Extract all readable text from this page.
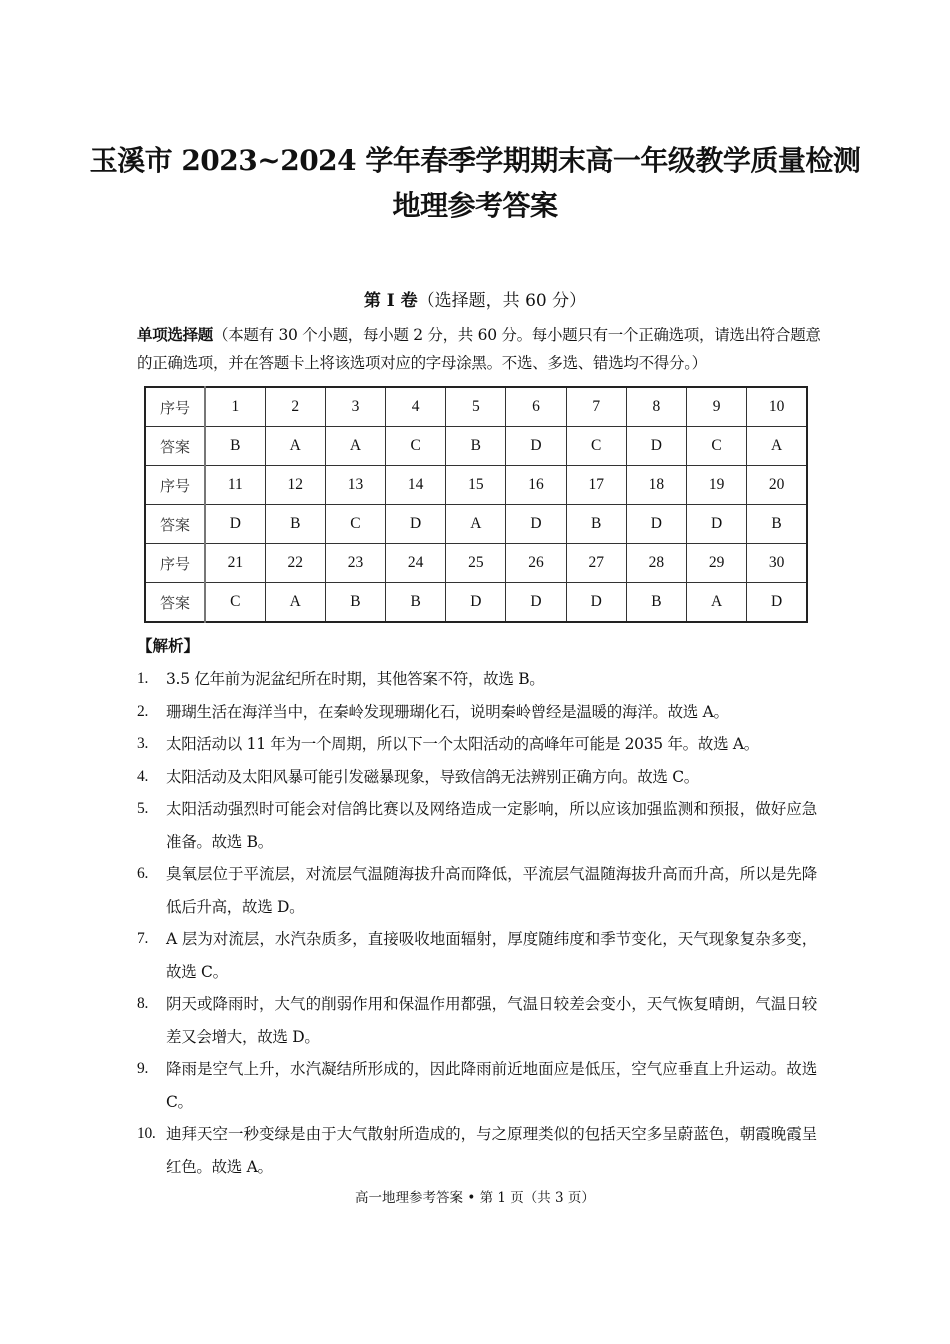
玉溪市 2023~2024 学年春季学期期末高一年级教学质量检测
地理参考答案
第 Ⅰ 卷（选择题，共 60 分）
单项选择题（本题有 30 个小题，每小题 2 分，共 60 分。每小题只有一个正确选项，请选出符合题意的正确选项，并在答题卡上将该选项对应的字母涂黑。不选、多选、错选均不得分。）
序号	1	2	3	4	5	6	7	8	9	10
答案	B	A	A	C	B	D	C	D	C	A
序号	11	12	13	14	15	16	17	18	19	20
答案	D	B	C	D	A	D	B	D	D	B
序号	21	22	23	24	25	26	27	28	29	30
答案	C	A	B	B	D	D	D	B	A	D
【解析】
1. 3.5 亿年前为泥盆纪所在时期，其他答案不符，故选 B。
2. 珊瑚生活在海洋当中，在秦岭发现珊瑚化石，说明秦岭曾经是温暖的海洋。故选 A。
3. 太阳活动以 11 年为一个周期，所以下一个太阳活动的高峰年可能是 2035 年。故选 A。
4. 太阳活动及太阳风暴可能引发磁暴现象，导致信鸽无法辨别正确方向。故选 C。
5. 太阳活动强烈时可能会对信鸽比赛以及网络造成一定影响，所以应该加强监测和预报，做好应急准备。故选 B。
6. 臭氧层位于平流层，对流层气温随海拔升高而降低，平流层气温随海拔升高而升高，所以是先降低后升高，故选 D。
7. A 层为对流层，水汽杂质多，直接吸收地面辐射，厚度随纬度和季节变化，天气现象复杂多变，故选 C。
8. 阴天或降雨时，大气的削弱作用和保温作用都强，气温日较差会变小，天气恢复晴朗，气温日较差又会增大，故选 D。
9. 降雨是空气上升，水汽凝结所形成的，因此降雨前近地面应是低压，空气应垂直上升运动。故选 C。
10. 迪拜天空一秒变绿是由于大气散射所造成的，与之原理类似的包括天空多呈蔚蓝色，朝霞晚霞呈红色。故选 A。
高一地理参考答案 • 第 1 页（共 3 页）
